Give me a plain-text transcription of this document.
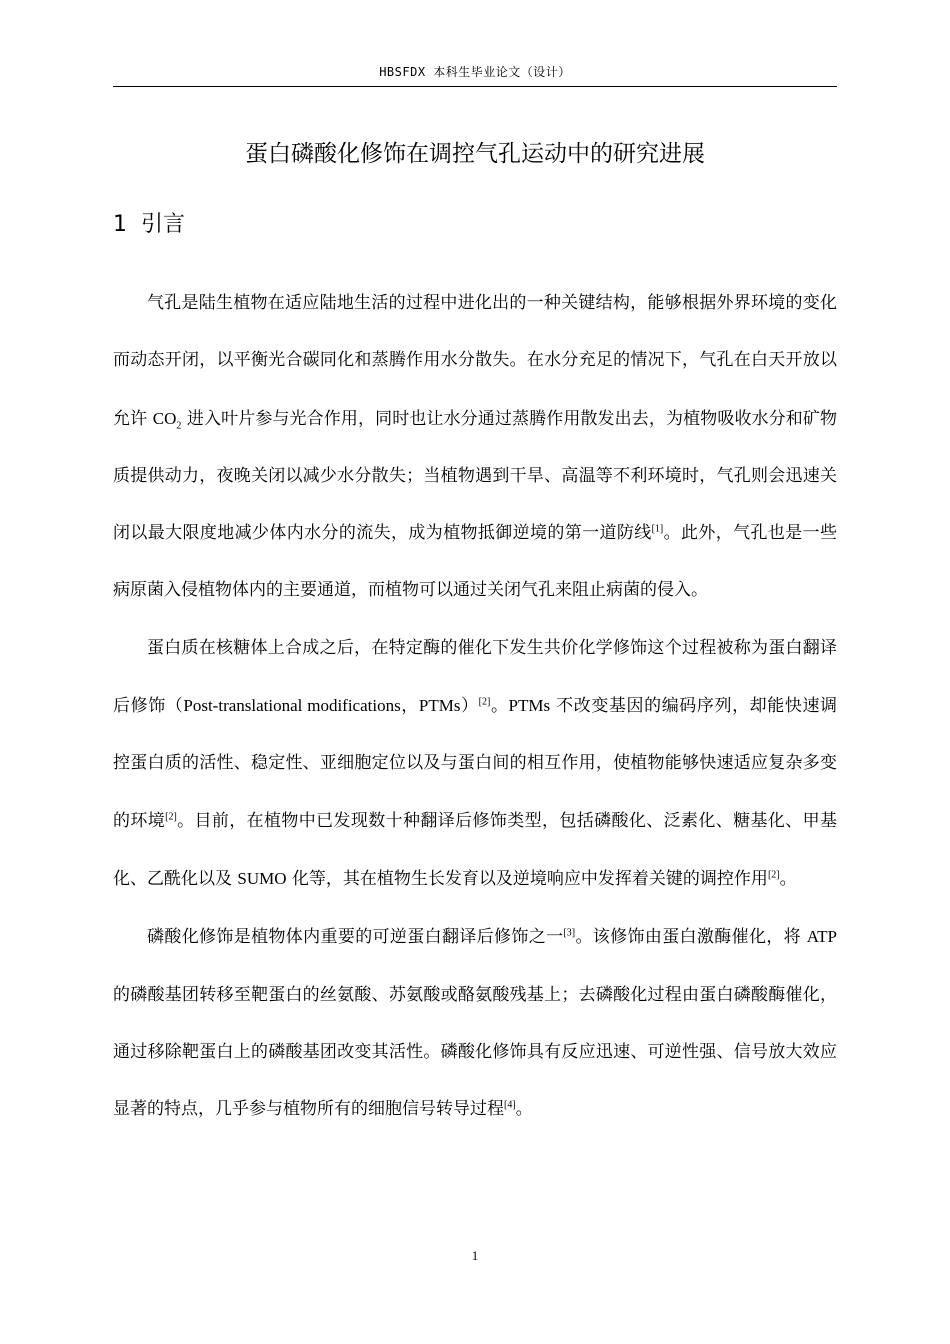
HBSFDX 本科生毕业论文（设计）
蛋白磷酸化修饰在调控气孔运动中的研究进展
1 引言

气孔是陆生植物在适应陆地生活的过程中进化出的一种关键结构，能够根据外界环境的变化而动态开闭，以平衡光合碳同化和蒸腾作用水分散失。在水分充足的情况下，气孔在白天开放以允许 $CO_2$ 进入叶片参与光合作用，同时也让水分通过蒸腾作用散发出去，为植物吸收水分和矿物质提供动力，夜晚关闭以减少水分散失；当植物遇到干旱、高温等不利环境时，气孔则会迅速关闭以最大限度地减少体内水分的流失，成为植物抵御逆境的第一道防线[1]。此外，气孔也是一些病原菌入侵植物体内的主要通道，而植物可以通过关闭气孔来阻止病菌的侵入。

蛋白质在核糖体上合成之后，在特定酶的催化下发生共价化学修饰这个过程被称为蛋白翻译后修饰（Post-translational modifications，PTMs）[2]。PTMs 不改变基因的编码序列，却能快速调控蛋白质的活性、稳定性、亚细胞定位以及与蛋白间的相互作用，使植物能够快速适应复杂多变的环境[2]。目前，在植物中已发现数十种翻译后修饰类型，包括磷酸化、泛素化、糖基化、甲基化、乙酰化以及 SUMO 化等，其在植物生长发育以及逆境响应中发挥着关键的调控作用[2]。

磷酸化修饰是植物体内重要的可逆蛋白翻译后修饰之一[3]。该修饰由蛋白激酶催化，将 ATP 的磷酸基团转移至靶蛋白的丝氨酸、苏氨酸或酪氨酸残基上；去磷酸化过程由蛋白磷酸酶催化，通过移除靶蛋白上的磷酸基团改变其活性。磷酸化修饰具有反应迅速、可逆性强、信号放大效应显著的特点，几乎参与植物所有的细胞信号转导过程[4]。

1
